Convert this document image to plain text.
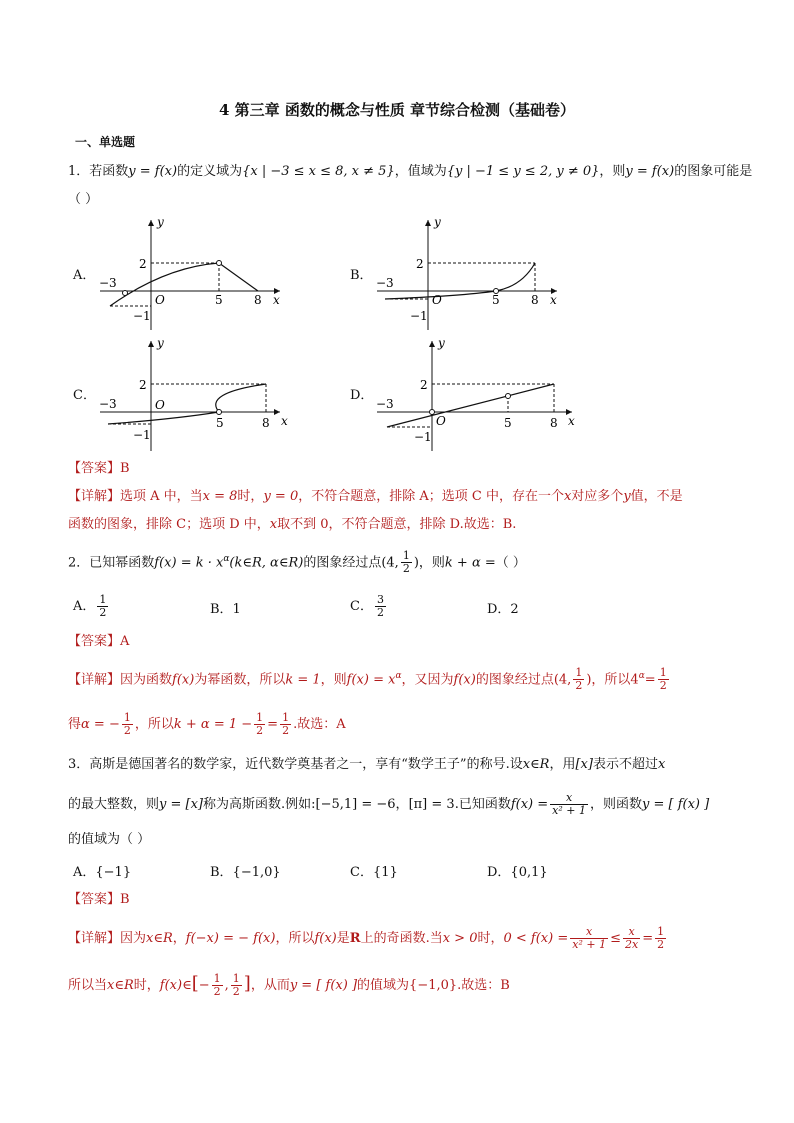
4 第三章 函数的概念与性质 章节综合检测（基础卷）
一、单选题
1．若函数y = f(x)的定义域为{x | −3 ≤ x ≤ 8, x ≠ 5}，值域为{y | −1 ≤ y ≤ 2, y ≠ 0}，则y = f(x)的图象可能是
（ ）
A．	B．
C．	D．
y
x
O
−3
2
5	8
−1
y
x
O
−3
2
5	8
−1
y
x
O
−3
2
5	8
−1
y
x
O
−3
2
5	8
−1
【答案】B
【详解】选项 A 中，当x = 8时，y = 0，不符合题意，排除 A；选项 C 中，存在一个x对应多个y值，不是
函数的图象，排除 C；选项 D 中，x取不到 0，不符合题意，排除 D.故选：B.
2．已知幂函数$f(x) = k \cdot x^\alpha(k\in R$, α∈R)的图象经过点(4, $\frac{1}{2}$ )，则k + α =（ ）
A． $\frac{1}{2}$	B．1	C． $\frac{3}{2}$	D．2
【答案】A
【详解】因为函数f(x)为幂函数，所以k = 1，则$f(x) = x^\alpha$，又因为f(x)的图象经过点(4, $\frac{1}{2}$ )，所以$4^\alpha= \frac{1}{2}$
得α = − $\frac{1}{2}$ ，所以$k + \alpha = 1 - \frac{1}{2} = \frac{1}{2}$ .故选：A
3．高斯是德国著名的数学家，近代数学奠基者之一，享有“数学王子”的称号.设x∈R，用[x]表示不超过x
的最大整数，则y = [x]称为高斯函数.例如:[−5,1] = −6，[π] = 3.已知函数$f(x) = \frac{x}{\text{x² + 1}}$ ，则函数y = [ f(x) ]
的值域为（ ）
A．{−1}	B．{−1,0}	C．{1}	D．{0,1}
【答案】B
【详解】因为x∈R，f(−x) = − f(x)，所以f(x)是R上的奇函数.当x > 0时，$0 < f(x) = \frac{x}{\text{x² + 1}} \le \frac{x}{2x} = \frac{1}{2}$
所以当x∈R时，f(x)∈[− $\frac{1}{2}$ , $\frac{1}{2}$ ]，从而y = [ f(x) ]的值域为{−1,0}.故选：B
